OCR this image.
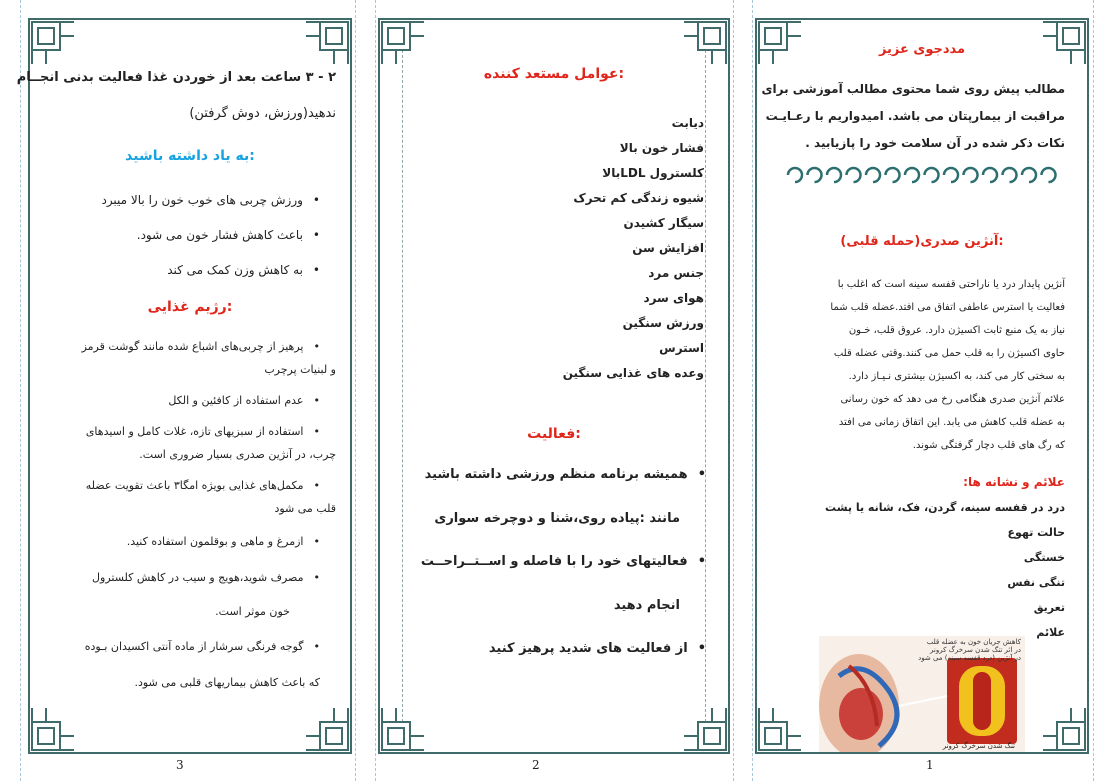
۲ - ۳ ساعت بعد از خوردن غذا فعالیت بدنی انجــام
ندهید(ورزش، دوش گرفتن)
به یاد داشته باشید:
• ورزش چربی های خوب خون را بالا میبرد
• باعث کاهش فشار خون می شود.
• به کاهش وزن کمک می کند
رژیم غذایی:
• پرهیز از چربی‌های اشباع شده مانند گوشت قرمز
و لبنیات پرچرب
• عدم استفاده از کافئین و الکل
• استفاده از سبزیهای تازه، غلات کامل و اسیدهای
چرب، در آنژین صدری بسیار ضروری است.
• مکمل‌های غذایی بویژه امگا۳ باعث تقویت عضله
قلب می شود
• ازمرغ و ماهی و بوقلمون استفاده کنید.
• مصرف شوید،هویج و سیب در کاهش کلسترول
خون موثر است.
• گوجه فرنگی سرشار از ماده آنتی اکسیدان بـوده
که باعث کاهش بیماریهای قلبی می شود.
3
عوامل مستعد کننده:
دیابت
فشار خون بالا
کلسترول LDLبالا
شیوه زندگی کم تحرک
سیگار کشیدن
افزایش سن
جنس مرد
هوای سرد
ورزش سنگین
استرس
وعده های غذایی سنگین
فعالیت:
• همیشه برنامه منظم ورزشی داشته باشید
مانند :پیاده روی،شنا و دوچرخه سواری
• فعالیتهای خود را با فاصله و اســتــراحــت
انجام دهید
• از فعالیت های شدید پرهیز کنید
2
مددجوی عزیز
مطالب پیش روی شما محتوی مطالب آموزشی برای
مراقبت از بیمارپتان می باشد. امیدواریم با رعـایـت
نکات ذکر شده در آن سلامت خود را پازیابید .
آنژین صدری(حمله قلبی):
آنژین پایدار درد یا ناراحتی قفسه سینه است که اغلب با
فعالیت یا استرس عاطفی اتفاق می افتد.عضله قلب شما
نیاز به یک منبع ثابت اکسیژن دارد. عروق قلب، خـون
حاوی اکسیژن را به قلب حمل می کنند.وقتی عضله قلب
به سختی کار می کند، به اکسیژن بیشتری نـیـاز دارد.
علائم آنژین صدری هنگامی رخ می دهد که خون رسانی
به عضله قلب کاهش می یابد. این اتفاق زمانی می افتد
که رگ های قلب دچار گرفتگی شوند.
علائم و نشانه ها:
درد در قفسه سینه، گردن، فک، شانه یا پشت
حالت تهوع
خستگی
تنگی نفس
تعریق
علائم
کاهش جریان خون به عضله قلب
در اثر تنگ شدن سرخرگ کرونر
در آنژین (درد قفسه سینه) می شود
تنگ شدن سرخرگ کرونر
1
